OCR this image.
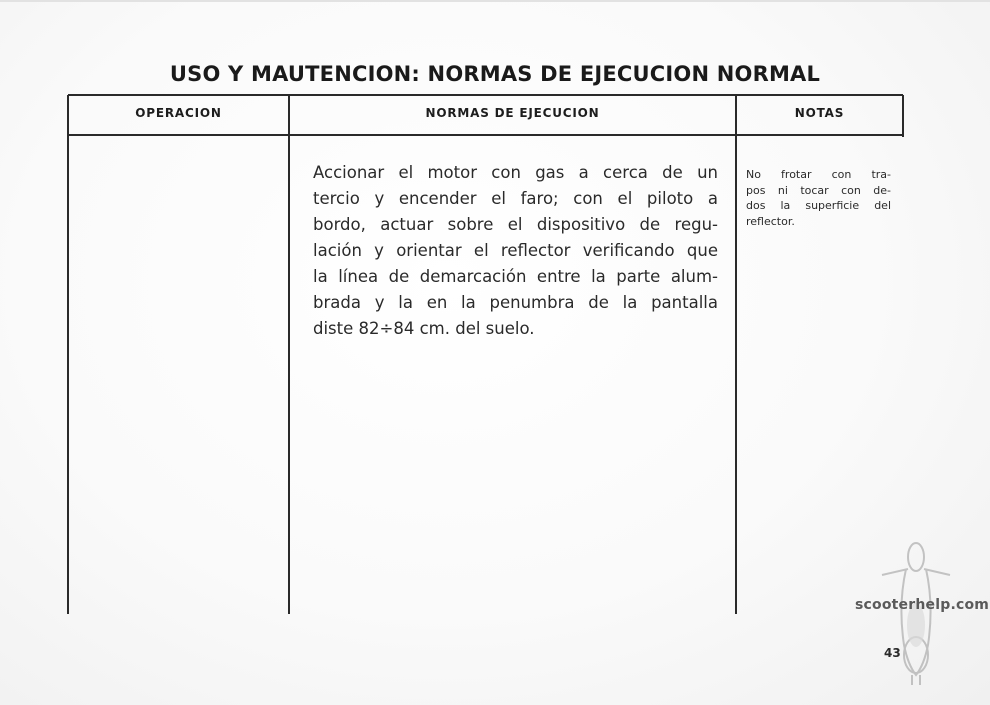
USO Y MAUTENCION: NORMAS DE EJECUCION NORMAL
OPERACION	NORMAS DE EJECUCION	NOTAS
Accionar el motor con gas a cerca de un
tercio y encender el faro; con el piloto a
bordo, actuar sobre el dispositivo de regu-
lación y orientar el reflector verificando que
la línea de demarcación entre la parte alum-
brada y la en la penumbra de la pantalla
diste 82÷84 cm. del suelo.
No frotar con tra-
pos ni tocar con de-
dos la superficie del
reflector.
scooterhelp.com
43
